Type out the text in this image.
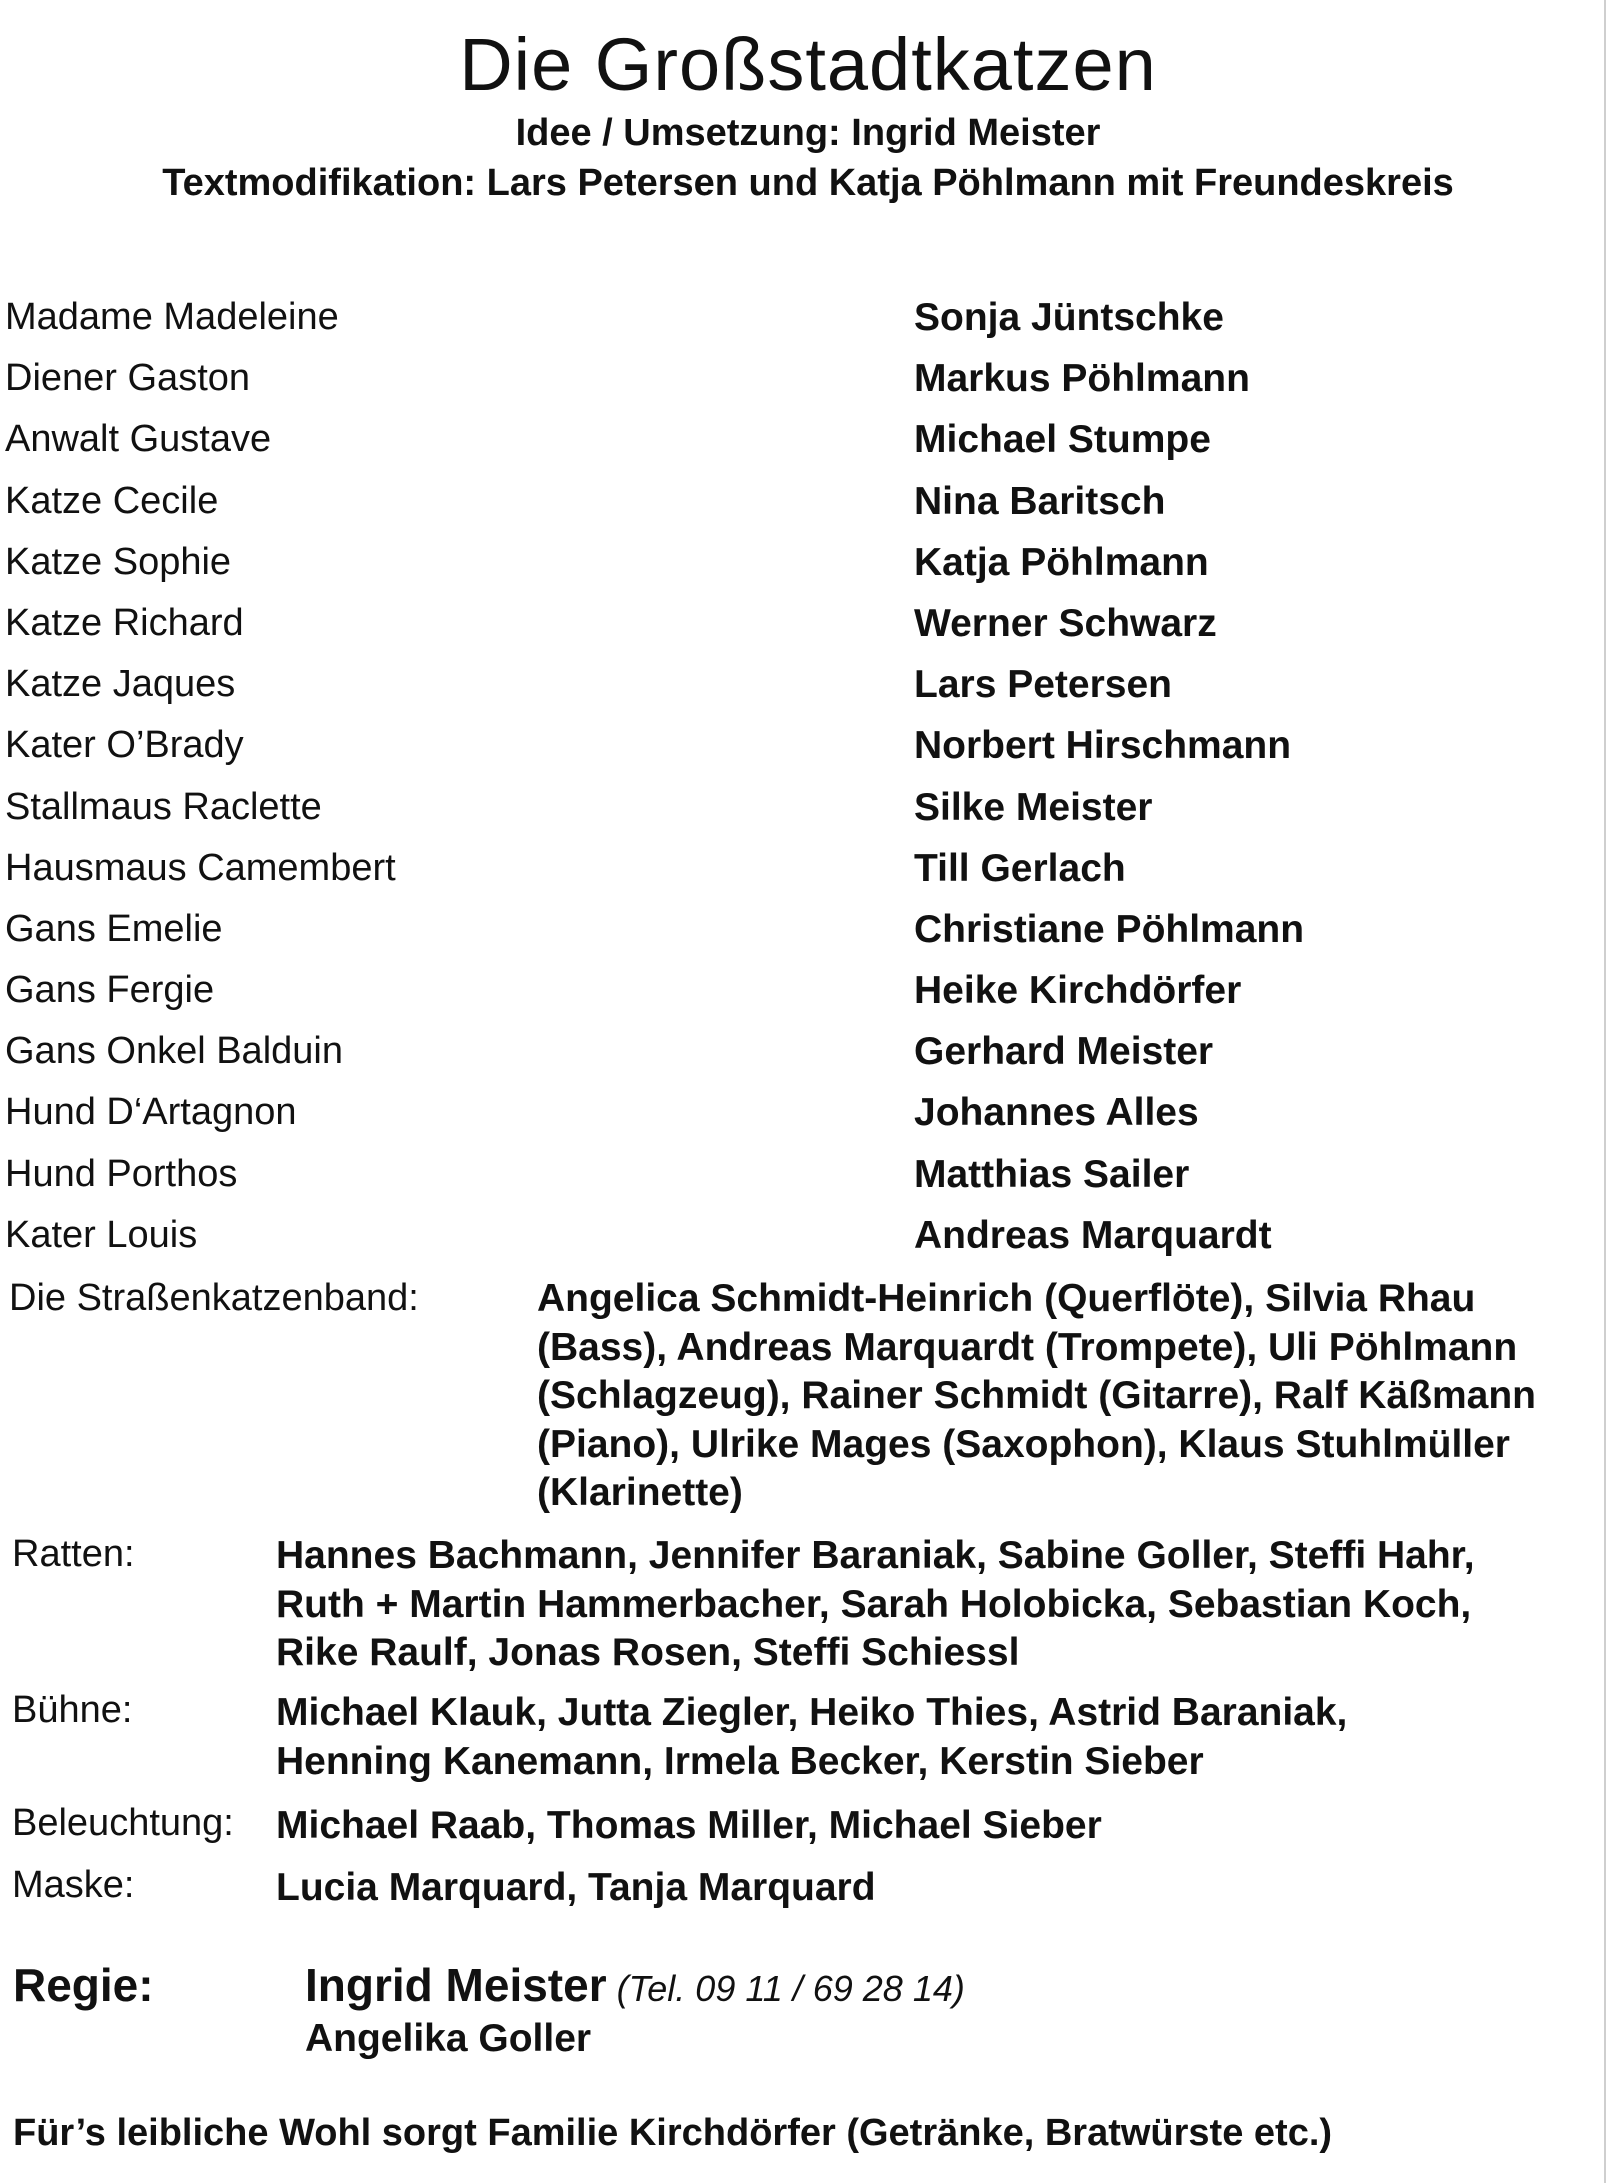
Die Großstadtkatzen
Idee / Umsetzung: Ingrid Meister
Textmodifikation: Lars Petersen und Katja Pöhlmann mit Freundeskreis
Madame Madeleine	Sonja Jüntschke
Diener Gaston	Markus Pöhlmann
Anwalt Gustave	Michael Stumpe
Katze Cecile	Nina Baritsch
Katze Sophie	Katja Pöhlmann
Katze Richard	Werner Schwarz
Katze Jaques	Lars Petersen
Kater O’Brady	Norbert Hirschmann
Stallmaus Raclette	Silke Meister
Hausmaus Camembert	Till Gerlach
Gans Emelie	Christiane Pöhlmann
Gans Fergie	Heike Kirchdörfer
Gans Onkel Balduin	Gerhard Meister
Hund D‘Artagnon	Johannes Alles
Hund Porthos	Matthias Sailer
Kater Louis	Andreas Marquardt
Die Straßenkatzenband:	Angelica Schmidt-Heinrich (Querflöte), Silvia Rhau (Bass), Andreas Marquardt (Trompete), Uli Pöhlmann (Schlagzeug), Rainer Schmidt (Gitarre), Ralf Käßmann (Piano), Ulrike Mages (Saxophon), Klaus Stuhlmüller (Klarinette)
Ratten:	Hannes Bachmann, Jennifer Baraniak, Sabine Goller, Steffi Hahr, Ruth + Martin Hammerbacher, Sarah Holobicka, Sebastian Koch, Rike Raulf, Jonas Rosen, Steffi Schiessl
Bühne:	Michael Klauk, Jutta Ziegler, Heiko Thies, Astrid Baraniak, Henning Kanemann, Irmela Becker, Kerstin Sieber
Beleuchtung: Michael Raab, Thomas Miller, Michael Sieber
Maske:	Lucia Marquard, Tanja Marquard
Regie:	Ingrid Meister (Tel. 09 11 / 69 28 14)
Angelika Goller
Für’s leibliche Wohl sorgt Familie Kirchdörfer (Getränke, Bratwürste etc.)
